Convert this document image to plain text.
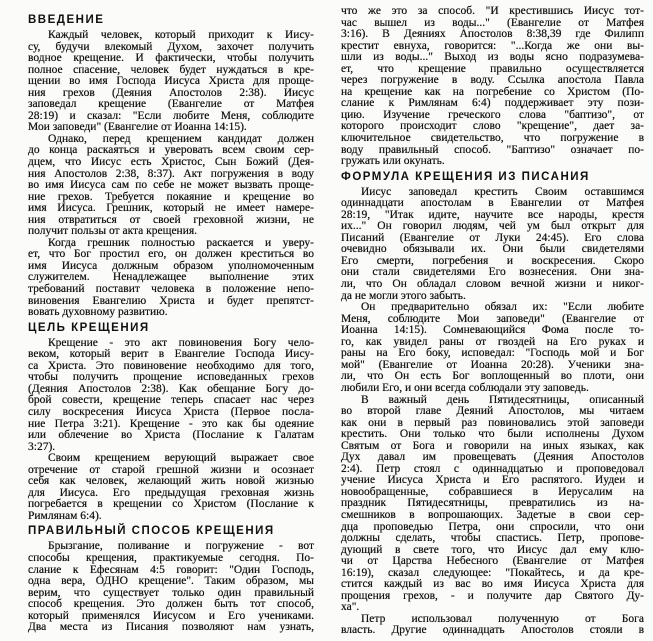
ВВЕДЕНИЕ
Каждый человек, который приходит к Иису-
су, будучи влекомый Духом, захочет получить
водное крещение. И фактически, чтобы получить
полное спасение, человек будет нуждаться в кре-
щении во имя Господа Иисуса Христа для проще-
ния грехов (Деяния Апостолов 2:38). Иисус
заповедал крещение (Евангелие от Матфея
28:19) и сказал: "Если любите Меня, соблюдите
Мои заповеди" (Евангелие от Иоанна 14:15).
Однако, перед крещением кандидат должен
до конца раскаяться и уверовать всем своим сер-
дцем, что Иисус есть Христос, Сын Божий (Дея-
ния Апостолов 2:38, 8:37). Акт погружения в воду
во имя Иисуса сам по себе не может вызвать проще-
ние грехов. Требуется покаяние и крещение во
имя Иисуса. Грешник, который не имеет намере-
ния отвратиться от своей греховной жизни, не
получит пользы от акта крещения.
Когда грешник полностью раскается и уверу-
ет, что Бог простил его, он должен креститься во
имя Иисуса должным образом уполномоченным
служителем. Ненадлежащее выполнение этих
требований поставит человека в положение непо-
виновения Евангелию Христа и будет препятст-
вовать духовному развитию.
ЦЕЛЬ КРЕЩЕНИЯ
Крещение - это акт повиновения Богу чело-
веком, который верит в Евангелие Господа Иису-
са Христа. Это повиновение необходимо для того,
чтобы получить прощение исповеданных грехов
(Деяния Апостолов 2:38). Как обещание Богу до-
брой совести, крещение теперь спасает нас через
силу воскресения Иисуса Христа (Первое посла-
ние Петра 3:21). Крещение - это как бы одеяние
или облечение во Христа (Послание к Галатам
3:27).
Своим крещением верующий выражает свое
отречение от старой грешной жизни и осознает
себя как человек, желающий жить новой жизнью
для Иисуса. Его предыдущая греховная жизнь
погребается в крещении со Христом (Послание к
Римлянам 6:4).
ПРАВИЛЬНЫЙ СПОСОБ КРЕЩЕНИЯ
Брызгание, поливание и погружение - вот
способы крещения, практикуемые сегодня. По-
слание к Ефесянам 4:5 говорит: "Один Господь,
одна вера, ОДНО крещение". Таким образом, мы
верим, что существует только один правильный
способ крещения. Это должен быть тот способ,
который применялся Иисусом и Его учениками.
Два места из Писания позволяют нам узнать,
что же это за способ. "И крестившись Иисус тот-
час вышел из воды..." (Евангелие от Матфея
3:16). В Деяниях Апостолов 8:38,39 где Филипп
крестит евнуха, говорится: "...Когда же они вы-
шли из воды..." Выход из воды ясно подразумева-
ет, что крещение правильно осуществляется
через погружение в воду. Ссылка апостола Павла
на крещение как на погребение со Христом (По-
слание к Римлянам 6:4) поддерживает эту пози-
цию. Изучение греческого слова "баптизо", от
которого происходит слово "крещение", дает за-
ключительное свидетельство, что погружение в
воду правильный способ. "Баптизо" означает по-
гружать или окунать.
ФОРМУЛА КРЕЩЕНИЯ ИЗ ПИСАНИЯ
Иисус заповедал крестить Своим оставшимся
одиннадцати апостолам в Евангелии от Матфея
28:19, "Итак идите, научите все народы, крестя
их..." Он говорил людям, чей ум был открыт для
Писаний (Евангелие от Луки 24:45). Его слова
очевидно обязывали их. Они были свидетелями
Его смерти, погребения и воскресения. Скоро
они стали свидетелями Его вознесения. Они зна-
ли, что Он обладал словом вечной жизни и никог-
да не могли этого забыть.
Он предварительно обязал их: "Если любите
Меня, соблюдите Мои заповеди" (Евангелие от
Иоанна 14:15). Сомневающийся Фома после то-
го, как увидел раны от гвоздей на Его руках и
раны на Его боку, исповедал: "Господь мой и Бог
мой" (Евангелие от Иоанна 20:28). Ученики зна-
ли, что Он есть Бог воплощенный во плоти, они
любили Его, и они всегда соблюдали эту заповедь.
В важный день Пятидесятницы, описанный
во второй главе Деяний Апостолов, мы читаем
как они в первый раз повиновались этой заповеди
крестить. Они только что были исполнены Духом
Святым от Бога и говорили на иных языках, как
Дух давал им провещевать (Деяния Апостолов
2:4). Петр стоял с одиннадцатью и проповедовал
учение Иисуса Христа и Его распятого. Иудеи и
новообращенные, собравшиеся в Иерусалим на
праздник Пятидесятницы, превратились из на-
смешников в вопрошающих. Задетые в свои сер-
дца проповедью Петра, они спросили, что они
должны сделать, чтобы спастись. Петр, пропове-
дующий в свете того, что Иисус дал ему клю-
чи от Царства Небесного (Евангелие от Матфея
16:19), сказал следующее: "Покайтесь, и да кре-
стится каждый из вас во имя Иисуса Христа для
прощения грехов, - и получите дар Святого Ду-
ха".
Петр использовал полученную от Бога
власть. Другие одиннадцать Апостолов стояли в
